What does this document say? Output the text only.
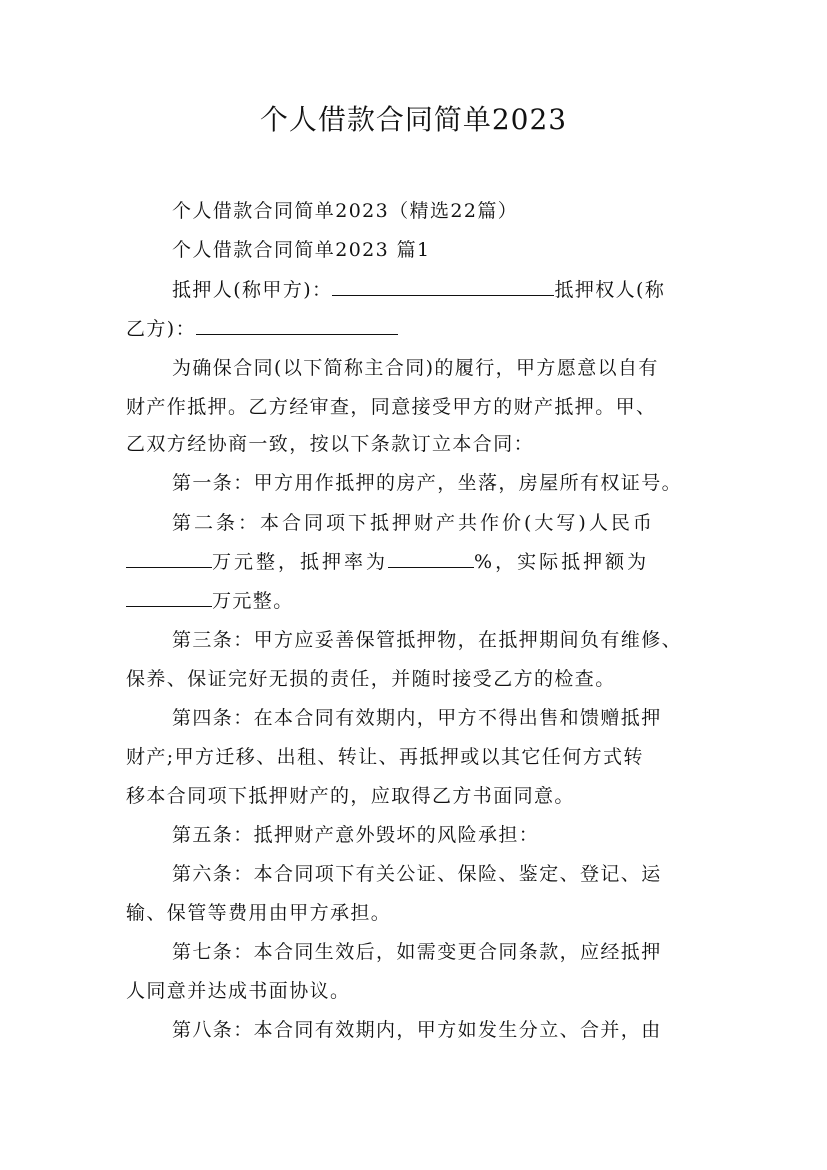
个人借款合同简单2023
个人借款合同简单2023（精选22篇）
个人借款合同简单2023 篇1
抵押人(称甲方)：	抵押权人(称
乙方)：
为确保合同(以下简称主合同)的履行，甲方愿意以自有
财产作抵押。乙方经审查，同意接受甲方的财产抵押。甲、
乙双方经协商一致，按以下条款订立本合同：
第一条：甲方用作抵押的房产，坐落，房屋所有权证号。
第二条：本合同项下抵押财产共作价(大写)人民币
万元整，抵押率为	%，实际抵押额为
万元整。
第三条：甲方应妥善保管抵押物，在抵押期间负有维修、
保养、保证完好无损的责任，并随时接受乙方的检查。
第四条：在本合同有效期内，甲方不得出售和馈赠抵押
财产;甲方迁移、出租、转让、再抵押或以其它任何方式转
移本合同项下抵押财产的，应取得乙方书面同意。
第五条：抵押财产意外毁坏的风险承担：
第六条：本合同项下有关公证、保险、鉴定、登记、运
输、保管等费用由甲方承担。
第七条：本合同生效后，如需变更合同条款，应经抵押
人同意并达成书面协议。
第八条：本合同有效期内，甲方如发生分立、合并，由
